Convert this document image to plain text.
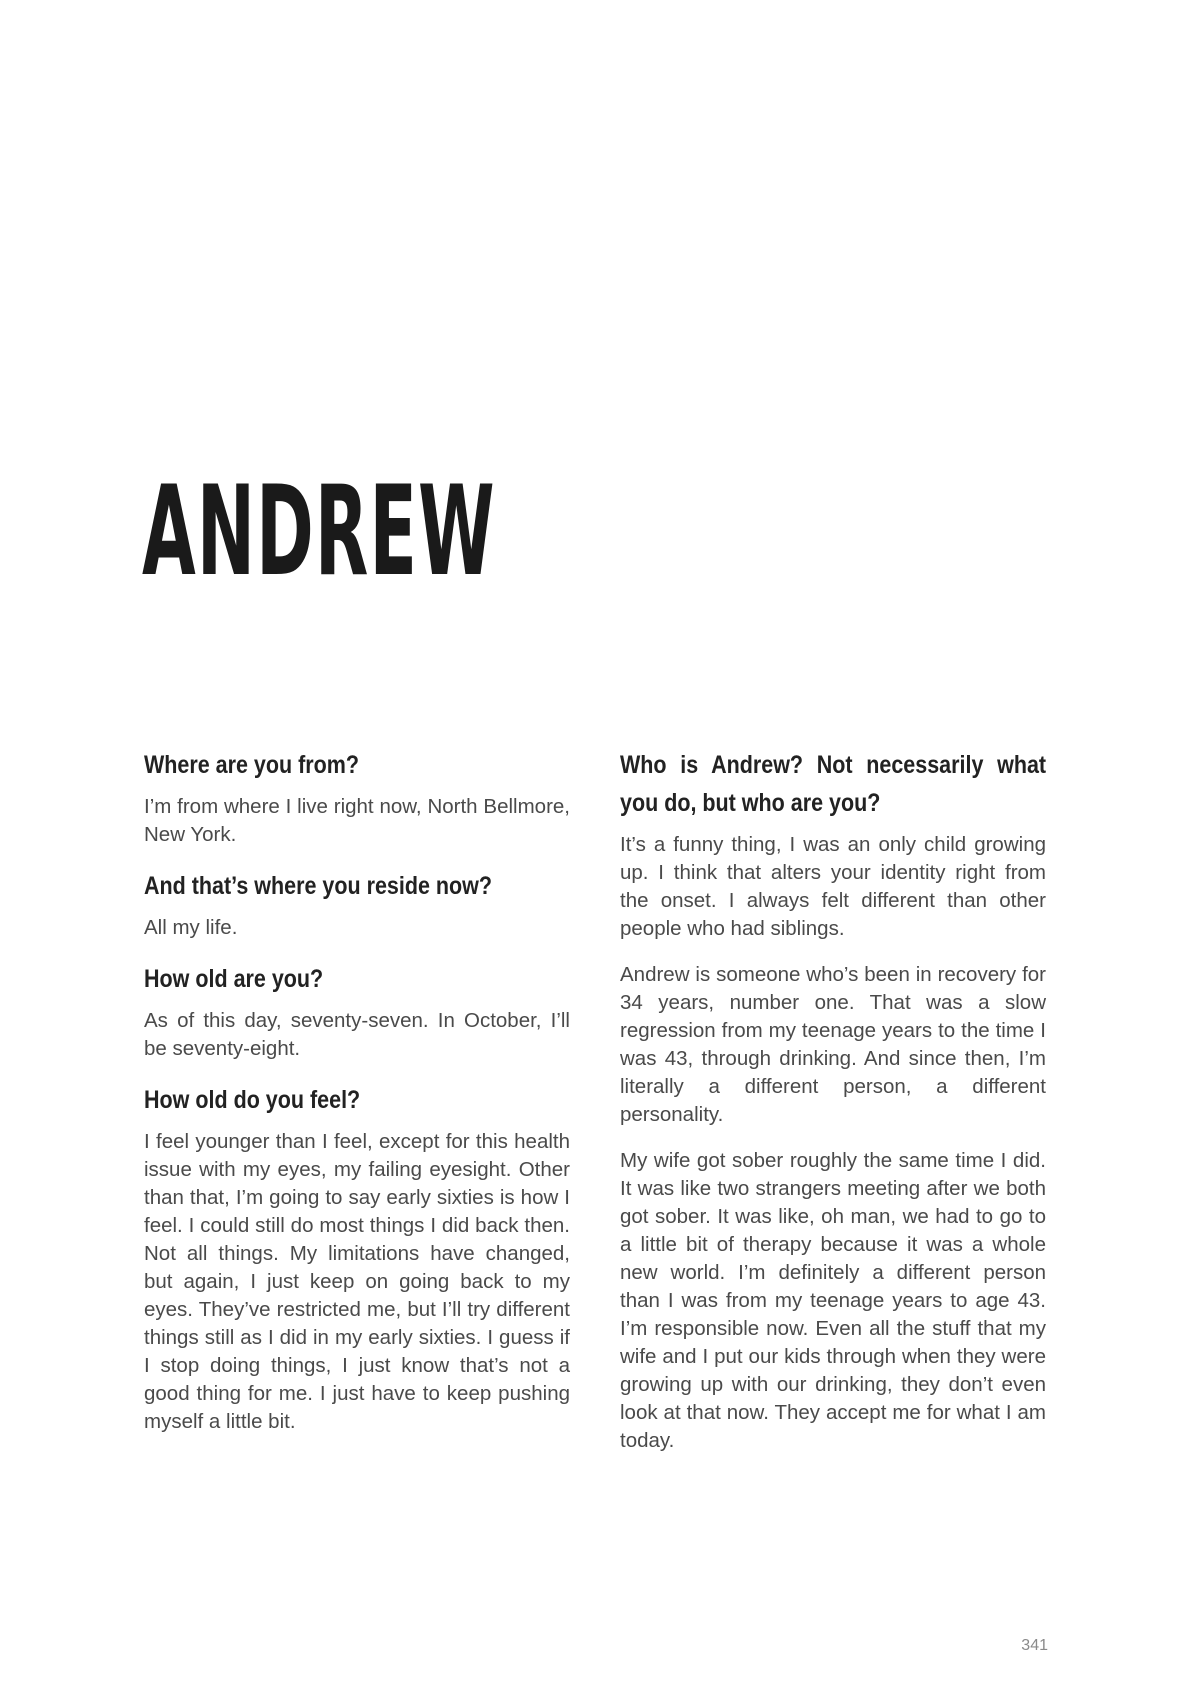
ANDREW
Where are you from?

I’m from where I live right now, North Bellmore, New York.

And that’s where you reside now?

All my life.

How old are you?

As of this day, seventy-seven. In October, I’ll be seventy-eight.

How old do you feel?

I feel younger than I feel, except for this health issue with my eyes, my failing eyesight. Other than that, I’m going to say early sixties is how I feel. I could still do most things I did back then. Not all things. My limitations have changed, but again, I just keep on going back to my eyes. They’ve restricted me, but I’ll try different things still as I did in my early sixties. I guess if I stop doing things, I just know that’s not a good thing for me. I just have to keep pushing myself a little bit.

Who is Andrew? Not necessarily what you do, but who are you?

It’s a funny thing, I was an only child growing up. I think that alters your identity right from the onset. I always felt different than other people who had siblings.

Andrew is someone who’s been in recovery for 34 years, number one. That was a slow regression from my teenage years to the time I was 43, through drinking. And since then, I’m literally a different person, a different personality.

My wife got sober roughly the same time I did. It was like two strangers meeting after we both got sober. It was like, oh man, we had to go to a little bit of therapy because it was a whole new world. I’m definitely a different person than I was from my teenage years to age 43. I’m responsible now. Even all the stuff that my wife and I put our kids through when they were growing up with our drinking, they don’t even look at that now. They accept me for what I am today.

341
